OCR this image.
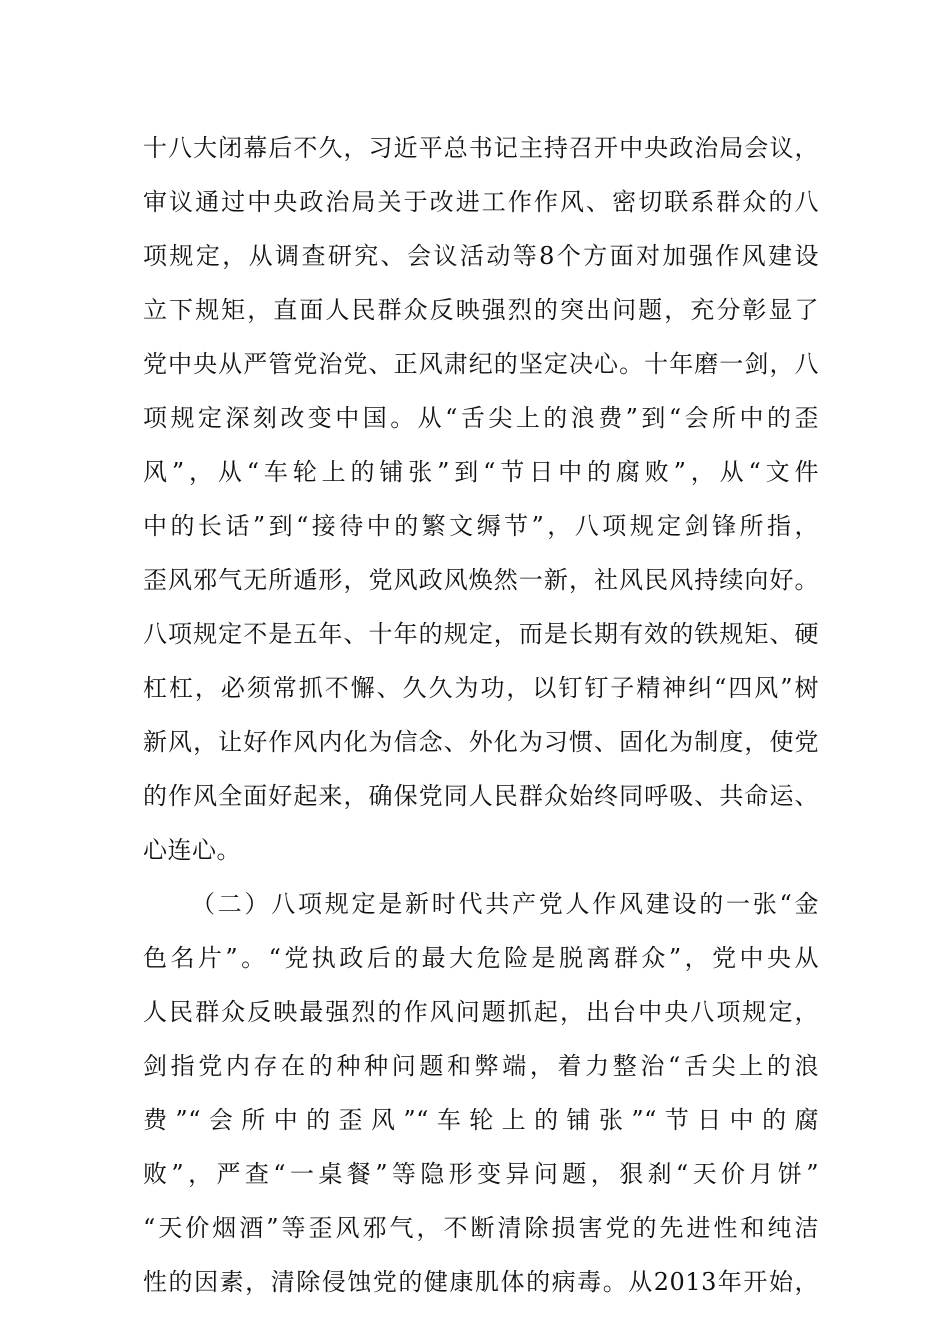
十八大闭幕后不久，习近平总书记主持召开中央政治局会议，
审议通过中央政治局关于改进工作作风、密切联系群众的八
项规定，从调查研究、会议活动等8个方面对加强作风建设
立下规矩，直面人民群众反映强烈的突出问题，充分彰显了
党中央从严管党治党、正风肃纪的坚定决心。十年磨一剑，八
项规定深刻改变中国。从“舌尖上的浪费”到“会所中的歪
风”，从“车轮上的铺张”到“节日中的腐败”，从“文件
中的长话”到“接待中的繁文缛节”，八项规定剑锋所指，
歪风邪气无所遁形，党风政风焕然一新，社风民风持续向好。
八项规定不是五年、十年的规定，而是长期有效的铁规矩、硬
杠杠，必须常抓不懈、久久为功，以钉钉子精神纠“四风”树
新风，让好作风内化为信念、外化为习惯、固化为制度，使党
的作风全面好起来，确保党同人民群众始终同呼吸、共命运、
心连心。
（二）八项规定是新时代共产党人作风建设的一张“金
色名片”。“党执政后的最大危险是脱离群众”，党中央从
人民群众反映最强烈的作风问题抓起，出台中央八项规定，
剑指党内存在的种种问题和弊端，着力整治“舌尖上的浪
费”“会所中的歪风”“车轮上的铺张”“节日中的腐
败”，严查“一桌餐”等隐形变异问题，狠刹“天价月饼”
“天价烟酒”等歪风邪气，不断清除损害党的先进性和纯洁
性的因素，清除侵蚀党的健康肌体的病毒。从2013年开始，
